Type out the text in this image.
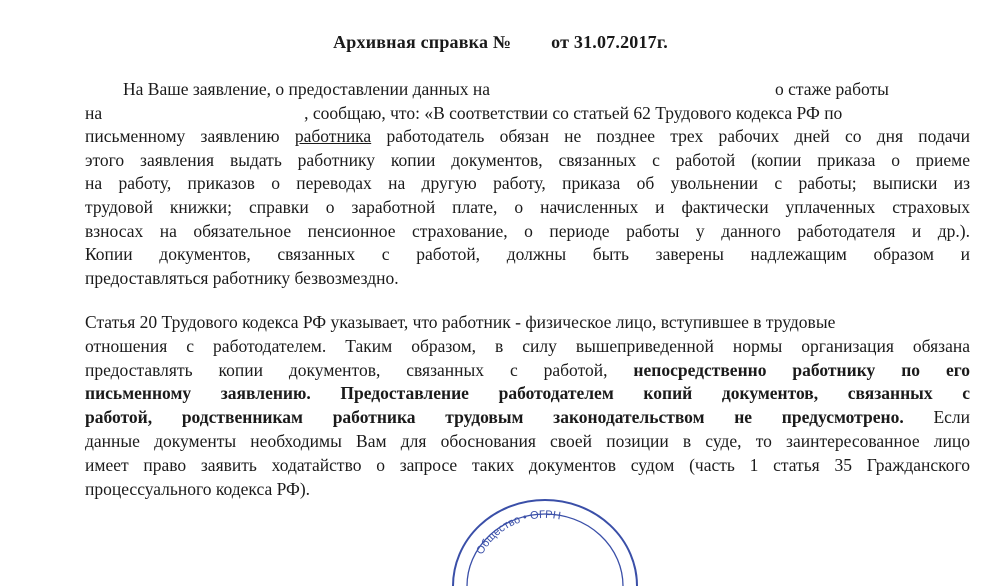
Архивная справка № от 31.07.2017г.
На Ваше заявление, о предоставлении данных на	о стаже работы
на	, сообщаю, что: «В соответствии со статьей 62 Трудового кодекса РФ по
письменному заявлению работника работодатель обязан не позднее трех рабочих дней со дня подачи
этого заявления выдать работнику копии документов, связанных с работой (копии приказа о приеме
на работу, приказов о переводах на другую работу, приказа об увольнении с работы; выписки из
трудовой книжки; справки о заработной плате, о начисленных и фактически уплаченных страховых
взносах на обязательное пенсионное страхование, о периоде работы у данного работодателя и др.).
Копии документов, связанных с работой, должны быть заверены надлежащим образом и
предоставляться работнику безвозмездно.
Статья 20 Трудового кодекса РФ указывает, что работник - физическое лицо, вступившее в трудовые
отношения с работодателем. Таким образом, в силу вышеприведенной нормы организация обязана
предоставлять копии документов, связанных с работой, непосредственно работнику по его
письменному заявлению. Предоставление работодателем копий документов, связанных с
работой, родственникам работника трудовым законодательством не предусмотрено. Если
данные документы необходимы Вам для обоснования своей позиции в суде, то заинтересованное лицо
имеет право заявить ходатайство о запросе таких документов судом (часть 1 статья 35 Гражданского
процессуального кодекса РФ).
Общество • ОГРН
